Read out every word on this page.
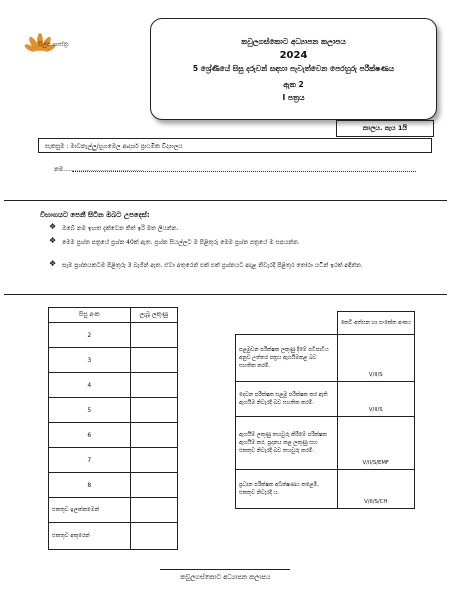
සිල්ප ශාස්ත්‍ර	කවුලගස්කොට අධ්‍යාපන කලාපය
2024
5 ශ්‍රේණියේ සිසු දරුවන් සඳහා පැවැත්වෙන පෙරහුරු පරීක්ෂණය
ඇක 2
I පත්‍රය
කාලය. පැය 1යි
සැකසුම : මාවනැල්ලු/හුගමෙල ආදර්ශ ප්‍රාථමික විද්‍යාලය
නම..........................................
විභාගයට පෙනී සිටින ඔබට උපදෙස්:
❖ ඔබේ නම ඉහත දැක්වෙන තිත් ඉරි මත ලියන්න.
❖ මෙම ප්‍රශ්න පත්‍රයේ ප්‍රශ්න 40ක් ඇත. ප්‍රශ්න සියල්ලට ම පිළිතුරු මෙම ප්‍රශ්න පත්‍රයේ ම සපයන්න.
❖ සෑම ප්‍රශ්නයකටම පිළිතුරු 3 බැගින් ඇත. ඒවා අතුරෙන් එක් එක් ප්‍රශ්නයට අදාළ නිවැරදි පිළිතුර තෝරා යටින් ඉරක් අඳින්න.
සිසු අංක	ලැබූ ලකුණු
2	
3	
4	
5	
6	
7	
8	
එකතුව ඉලක්කමෙන්	
එකතුව අකුරෙන්	
	කෙටි අත්සන හා සංකේත අංකය
පළමුවන පරීක්ෂක ලකුණු දීමේ පටිපාටිය අනුව උත්තර පත්‍රය ඇගයීමකළ බව සහතික කරමි.	V/II/S
දෙවන පරීක්ෂක සළමු පරීක්ෂක කර ඇති ඇගයීම නිවැරදි බව සහතික කරමි.	V/II/S
ඇගයීම් ලකුණු තහවුරු කිරීමේ පරීක්ෂක ඇගයීම් කර, ප්‍රදානය කළ ලකුණු සහ එකතුව නිවැරදි බව තහවුරු කරමි.	V/II/S/EMF
ප්‍රධාන පරීක්ෂක අධීක්ෂණය කළෙමි, එකතුව නිවැරදි ය.	V/II/S/CH
කවුලගස්කොට අධ්‍යාපන කලාපය
